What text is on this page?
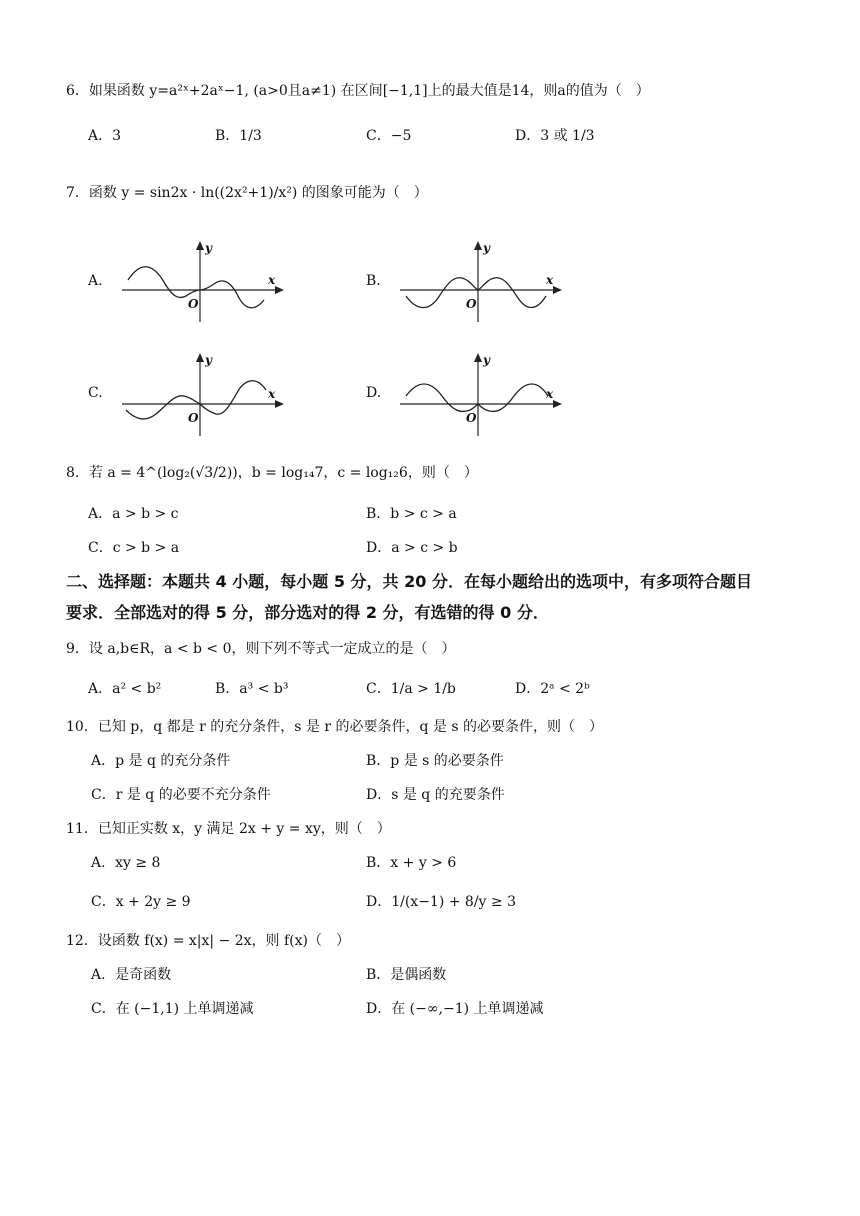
6．如果函数 y=a²ˣ+2aˣ−1, (a>0且a≠1) 在区间[−1,1]上的最大值是14，则a的值为（　）
A．3	B．1/3	C．−5	D．3 或 1/3
7．函数 y = sin2x · ln((2x²+1)/x²) 的图象可能为（　）
A.	x
y
O
B.	x
y
O
C.	x
y
O
D.	x
y
O
8．若 a = 4^(log₂(√3/2))，b = log₁₄7，c = log₁₂6，则（　）
A．a > b > c	B．b > c > a
C．c > b > a	D．a > c > b
二、选择题：本题共 4 小题，每小题 5 分，共 20 分．在每小题给出的选项中，有多项符合题目
要求．全部选对的得 5 分，部分选对的得 2 分，有选错的得 0 分．
9．设 a,b∈R，a < b < 0，则下列不等式一定成立的是（　）
A．a² < b²	B．a³ < b³	C．1/a > 1/b	D．2ᵃ < 2ᵇ
10．已知 p，q 都是 r 的充分条件，s 是 r 的必要条件，q 是 s 的必要条件，则（　）
A．p 是 q 的充分条件	B．p 是 s 的必要条件
C．r 是 q 的必要不充分条件	D．s 是 q 的充要条件
11．已知正实数 x，y 满足 2x + y = xy，则（　）
A．xy ≥ 8	B．x + y > 6
C．x + 2y ≥ 9	D．1/(x−1) + 8/y ≥ 3
12．设函数 f(x) = x|x| − 2x，则 f(x)（　）
A．是奇函数	B．是偶函数
C．在 (−1,1) 上单调递减	D．在 (−∞,−1) 上单调递减
